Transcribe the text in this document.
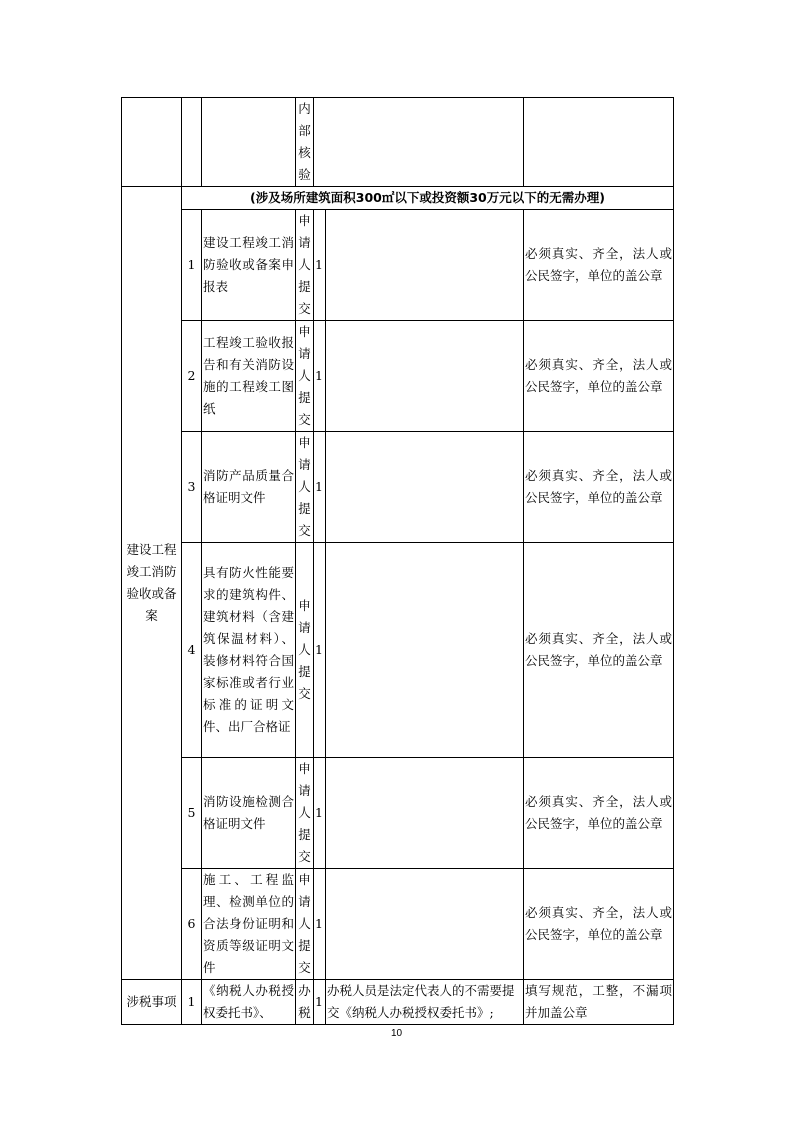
			内部核验			

建设工程竣工消防验收或备案	(涉及场所建筑面积300㎡以下或投资额30万元以下的无需办理)					
	1	建设工程竣工消防验收或备案申报表	申请人提交	1		必须真实、齐全，法人或公民签字，单位的盖公章
	2	工程竣工验收报告和有关消防设施的工程竣工图纸	申请人提交	1		必须真实、齐全，法人或公民签字，单位的盖公章
	3	消防产品质量合格证明文件	申请人提交	1		必须真实、齐全，法人或公民签字，单位的盖公章
	4	具有防火性能要求的建筑构件、建筑材料（含建筑保温材料）、装修材料符合国家标准或者行业标准的证明文件、出厂合格证	申请人提交	1		必须真实、齐全，法人或公民签字，单位的盖公章
	5	消防设施检测合格证明文件	申请人提交	1		必须真实、齐全，法人或公民签字，单位的盖公章
	6	施工、工程监理、检测单位的合法身份证明和资质等级证明文件	申请人提交	1		必须真实、齐全，法人或公民签字，单位的盖公章
涉税事项	1	《纳税人办税授权委托书》、	办税	1	办税人员是法定代表人的不需要提交《纳税人办税授权委托书》;	填写规范，工整，不漏项并加盖公章
10
